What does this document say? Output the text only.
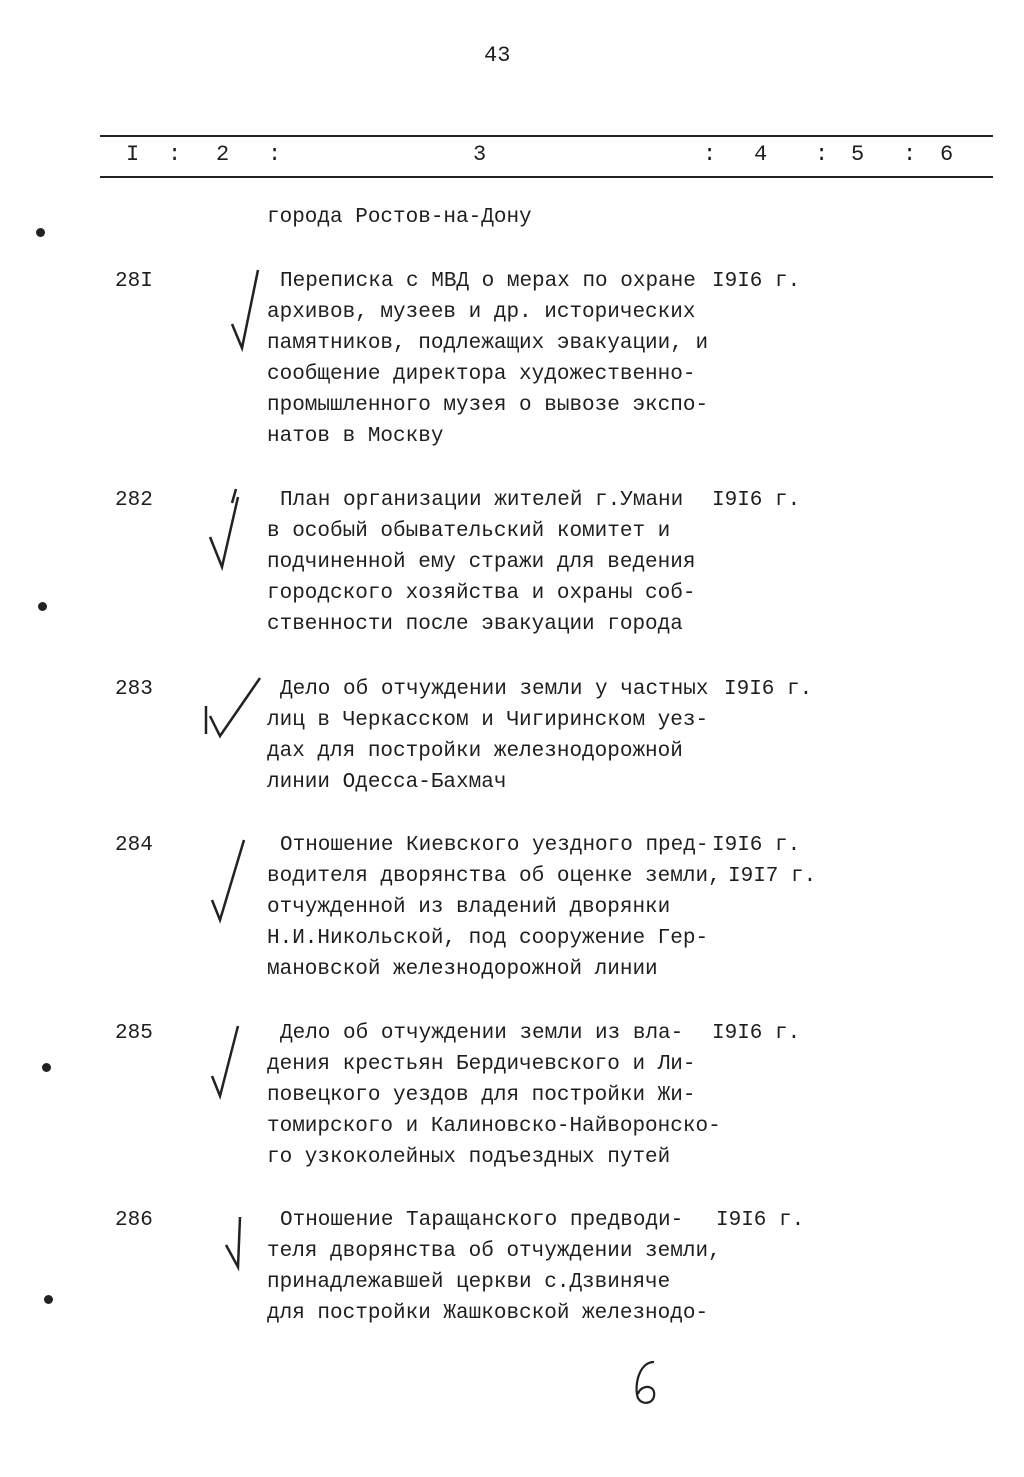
43
I : 2 :	3	: 4 : 5 : 6
города Ростов-на-Дону
28I	Переписка с МВД о мерах по охране
архивов, музеев и др. исторических
памятников, подлежащих эвакуации, и
сообщение директора художественно-
промышленного музея о вывозе экспо-
натов в Москву
I9I6 г.
282	План организации жителей г.Умани
в особый обывательский комитет и
подчиненной ему стражи для ведения
городского хозяйства и охраны соб-
ственности после эвакуации города
I9I6 г.
283	Дело об отчуждении земли у частных
лиц в Черкасском и Чигиринском уез-
дах для постройки железнодорожной
линии Одесса-Бахмач
I9I6 г.
284	Отношение Киевского уездного пред-
водителя дворянства об оценке земли,
отчужденной из владений дворянки
Н.И.Никольской, под сооружение Гер-
мановской железнодорожной линии
I9I6 г.
I9I7 г.
285	Дело об отчуждении земли из вла-
дения крестьян Бердичевского и Ли-
повецкого уездов для постройки Жи-
томирского и Калиновско-Найворонско-
го узкоколейных подъездных путей
I9I6 г.
286	Отношение Таращанского предводи-
теля дворянства об отчуждении земли,
принадлежавшей церкви с.Дзвиняче
для постройки Жашковской железнодо-
I9I6 г.
